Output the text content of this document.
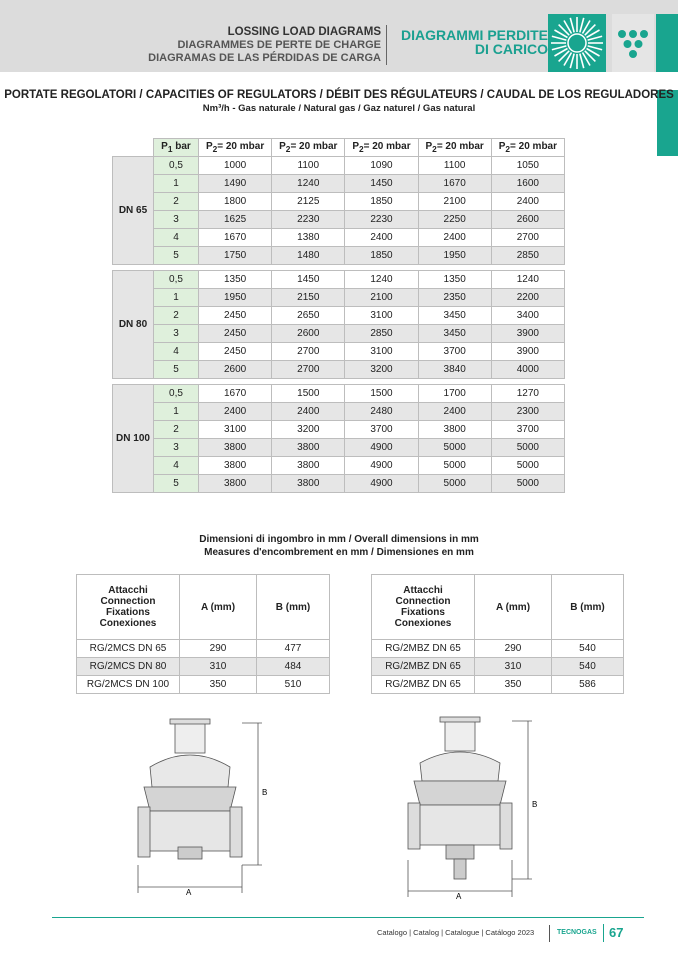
LOSSING LOAD DIAGRAMS
DIAGRAMMES DE PERTE DE CHARGE
DIAGRAMAS DE LAS PÉRDIDAS DE CARGA
DIAGRAMMI PERDITE
DI CARICO
PORTATE REGOLATORI / CAPACITIES OF REGULATORS / DÉBIT DES RÉGULATEURS / CAUDAL DE LOS REGULADORES
Nm³/h - Gas naturale / Natural gas / Gaz naturel / Gas natural
	$P_1$ bar	$P_2= 20$ mbar	$P_2= 20$ mbar	$P_2= 20$ mbar	$P_2= 20$ mbar	$P_2= 20$ mbar
DN 65	0,5	1000	1100	1090	1100	1050
	1	1490	1240	1450	1670	1600
	2	1800	2125	1850	2100	2400
	3	1625	2230	2230	2250	2600
	4	1670	1380	2400	2400	2700
	5	1750	1480	1850	1950	2850

DN 80	0,5	1350	1450	1240	1350	1240
	1	1950	2150	2100	2350	2200
	2	2450	2650	3100	3450	3400
	3	2450	2600	2850	3450	3900
	4	2450	2700	3100	3700	3900
	5	2600	2700	3200	3840	4000

DN 100	0,5	1670	1500	1500	1700	1270
	1	2400	2400	2480	2400	2300
	2	3100	3200	3700	3800	3700
	3	3800	3800	4900	5000	5000
	4	3800	3800	4900	5000	5000
	5	3800	3800	4900	5000	5000
Dimensioni di ingombro in mm / Overall dimensions in mm
Measures d'encombrement en mm / Dimensiones en mm
Attacchi
Connection
Fixations
Conexiones	A (mm)	B (mm)
RG/2MCS DN 65	290	477
RG/2MCS DN 80	310	484
RG/2MCS DN 100	350	510
Attacchi
Connection
Fixations
Conexiones	A (mm)	B (mm)
RG/2MBZ DN 65	290	540
RG/2MBZ DN 65	310	540
RG/2MBZ DN 65	350	586
B
A
B
A
Catalogo | Catalog | Catalogue | Catálogo 2023	TECNOGAS 67
